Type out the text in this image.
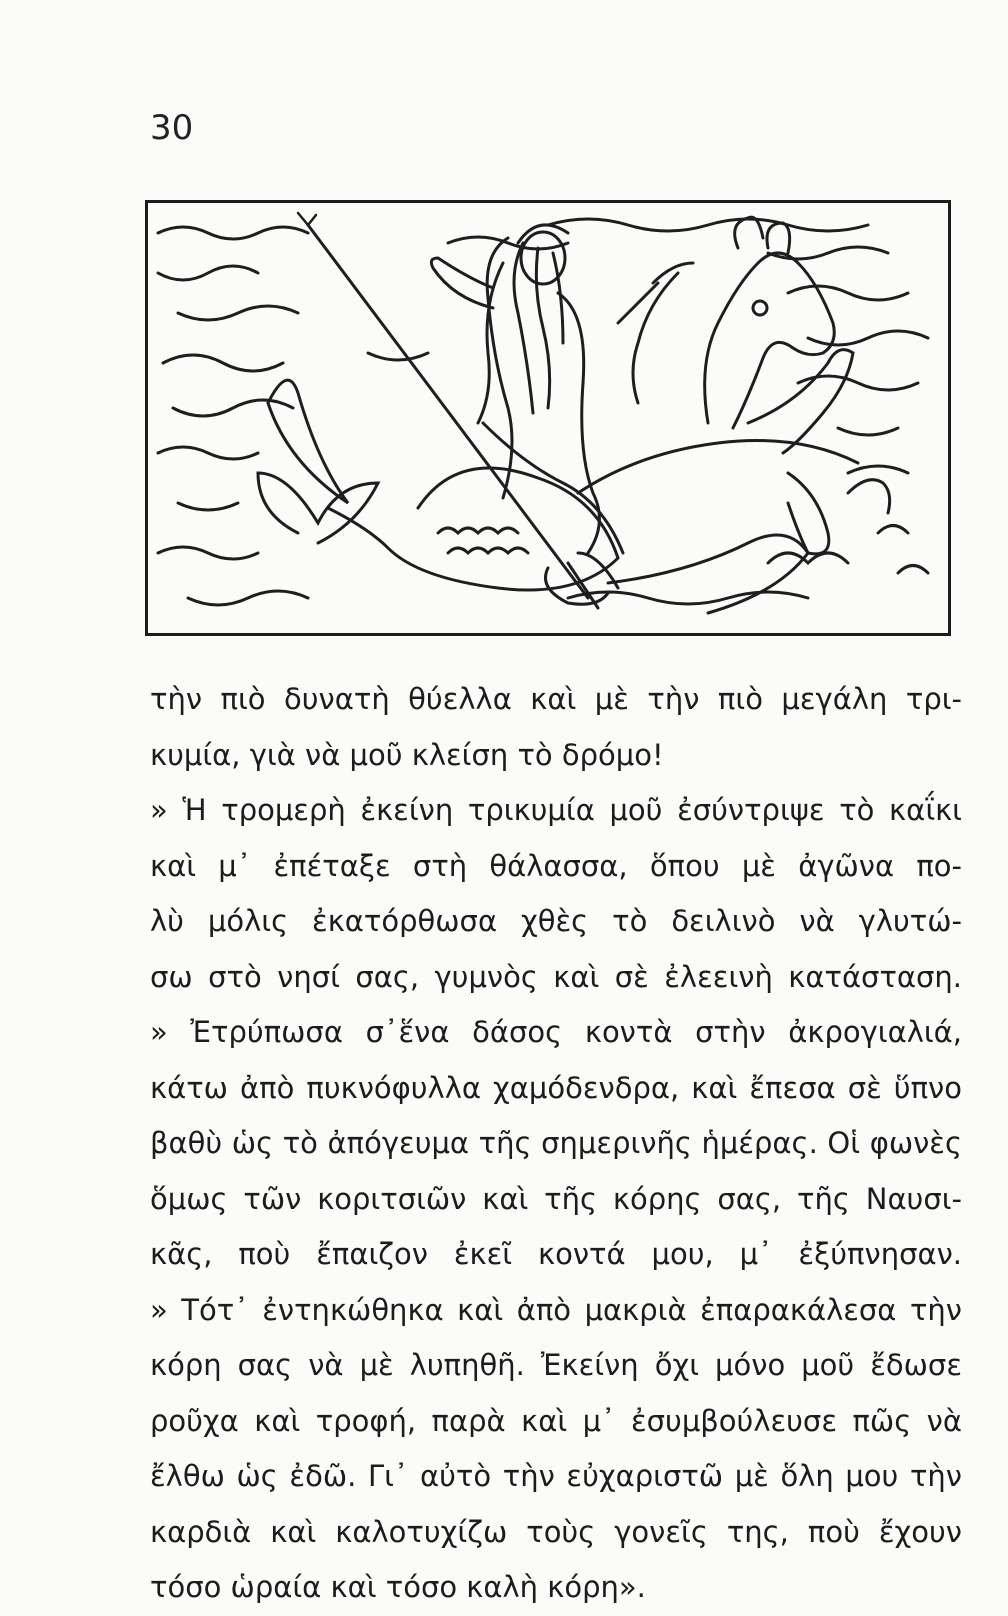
30
τὴν πιὸ δυνατὴ θύελλα καὶ μὲ τὴν πιὸ μεγάλη τρι-
κυμία, γιὰ νὰ μοῦ κλείση τὸ δρόμο!
» Ἡ τρομερὴ ἐκείνη τρικυμία μοῦ ἐσύντριψε τὸ καΐκι
καὶ μ᾽ ἐπέταξε στὴ θάλασσα, ὅπου μὲ ἀγῶνα πο-
λὺ μόλις ἐκατόρθωσα χθὲς τὸ δειλινὸ νὰ γλυτώ-
σω στὸ νησί σας, γυμνὸς καὶ σὲ ἐλεεινὴ κατάσταση.
» Ἐτρύπωσα σ᾽ἕνα δάσος κοντὰ στὴν ἀκρογιαλιά,
κάτω ἀπὸ πυκνόφυλλα χαμόδενδρα, καὶ ἔπεσα σὲ ὕπνο
βαθὺ ὡς τὸ ἀπόγευμα τῆς σημερινῆς ἡμέρας. Οἱ φωνὲς
ὅμως τῶν κοριτσιῶν καὶ τῆς κόρης σας, τῆς Ναυσι-
κᾶς, ποὺ ἔπαιζον ἐκεῖ κοντά μου, μ᾽ ἐξύπνησαν.
» Τότ᾽ ἐντηκώθηκα καὶ ἀπὸ μακριὰ ἐπαρακάλεσα τὴν
κόρη σας νὰ μὲ λυπηθῆ. Ἐκείνη ὄχι μόνο μοῦ ἔδωσε
ροῦχα καὶ τροφή, παρὰ καὶ μ᾽ ἐσυμβούλευσε πῶς νὰ
ἔλθω ὡς ἐδῶ. Γι᾽ αὐτὸ τὴν εὐχαριστῶ μὲ ὅλη μου τὴν
καρδιὰ καὶ καλοτυχίζω τοὺς γονεῖς της, ποὺ ἔχουν
τόσο ὡραία καὶ τόσο καλὴ κόρη».
